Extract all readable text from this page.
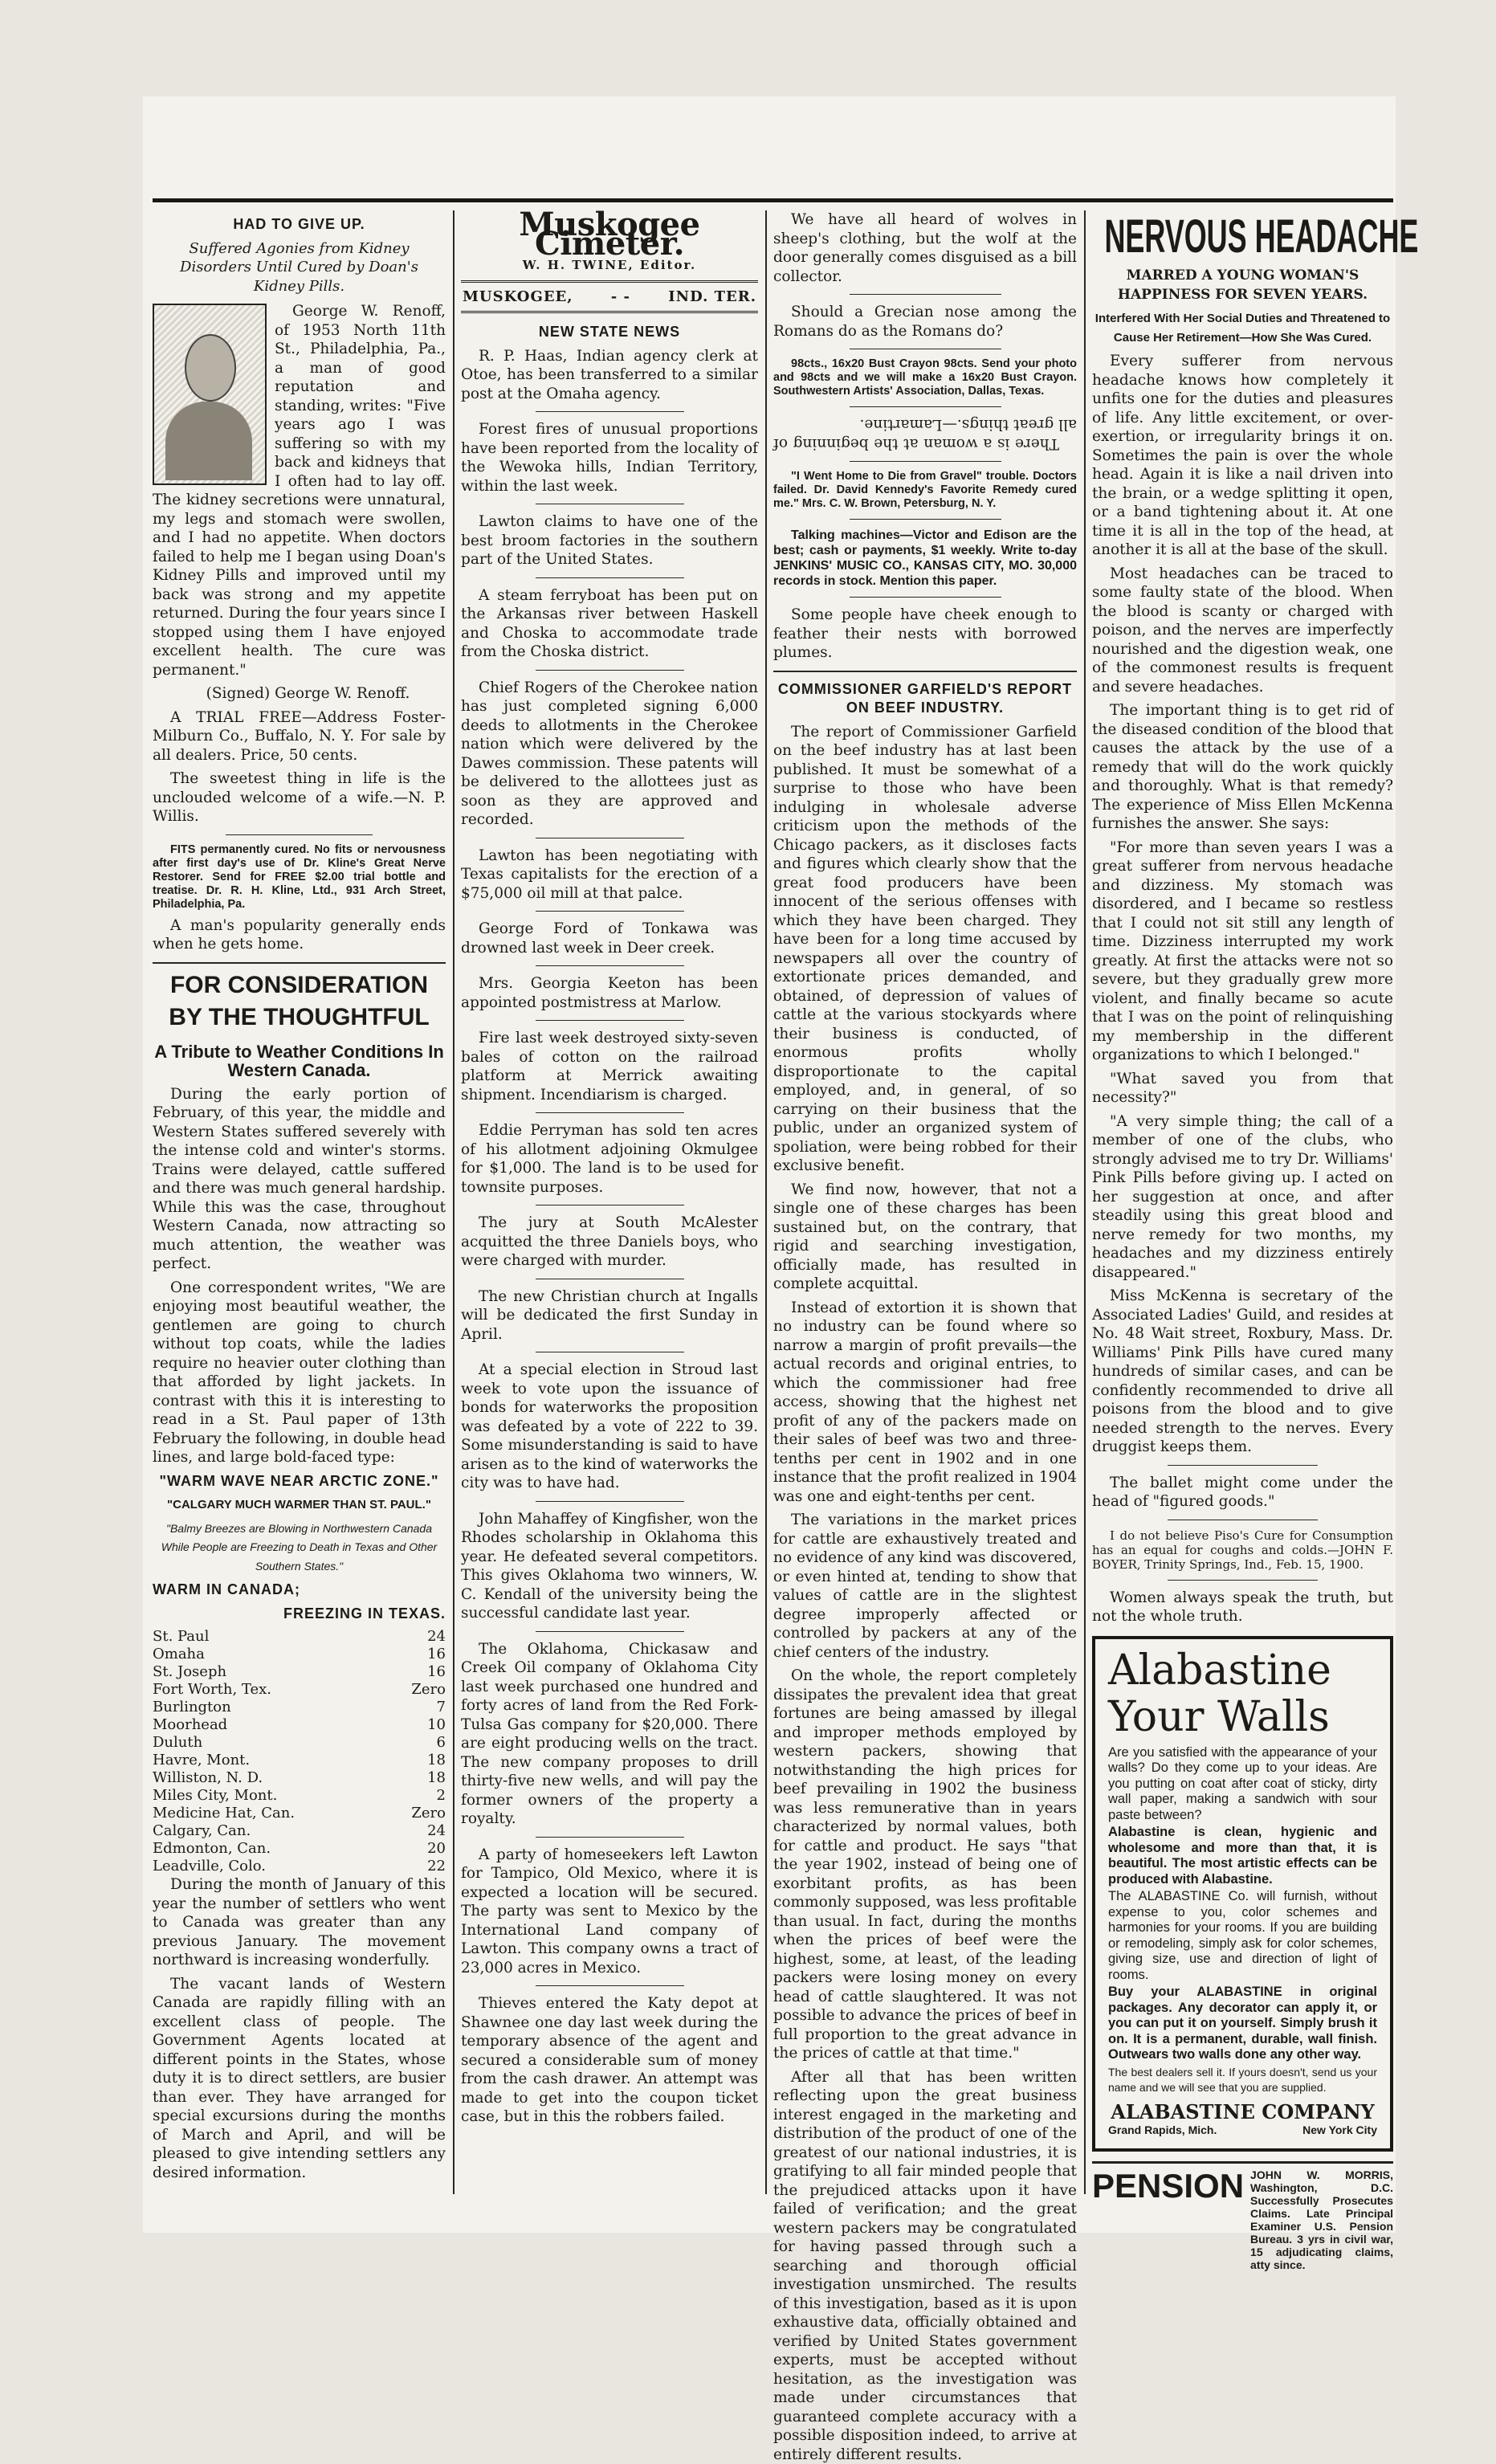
HAD TO GIVE UP.
Suffered Agonies from Kidney Disorders Until Cured by Doan's Kidney Pills.

George W. Renoff, of 1953 North 11th St., Philadelphia, Pa., a man of good reputation and standing, writes: "Five years ago I was suffering so with my back and kidneys that I often had to lay off. The kidney secretions were unnatural, my legs and stomach were swollen, and I had no appetite. When doctors failed to help me I began using Doan's Kidney Pills and improved until my back was strong and my appetite returned. During the four years since I stopped using them I have enjoyed excellent health. The cure was permanent."

(Signed) George W. Renoff.

A TRIAL FREE—Address Foster-Milburn Co., Buffalo, N. Y. For sale by all dealers. Price, 50 cents.

The sweetest thing in life is the unclouded welcome of a wife.—N. P. Willis.

FITS permanently cured. No fits or nervousness after first day's use of Dr. Kline's Great Nerve Restorer. Send for FREE $2.00 trial bottle and treatise. Dr. R. H. Kline, Ltd., 931 Arch Street, Philadelphia, Pa.

A man's popularity generally ends when he gets home.

FOR CONSIDERATION
BY THE THOUGHTFUL
A Tribute to Weather Conditions In Western Canada.

During the early portion of February, of this year, the middle and Western States suffered severely with the intense cold and winter's storms. Trains were delayed, cattle suffered and there was much general hardship. While this was the case, throughout Western Canada, now attracting so much attention, the weather was perfect.

One correspondent writes, "We are enjoying most beautiful weather, the gentlemen are going to church without top coats, while the ladies require no heavier outer clothing than that afforded by light jackets. In contrast with this it is interesting to read in a St. Paul paper of 13th February the following, in double head lines, and large bold-faced type:

"WARM WAVE NEAR ARCTIC ZONE."
"CALGARY MUCH WARMER THAN ST. PAUL."
"Balmy Breezes are Blowing in Northwestern Canada While People are Freezing to Death in Texas and Other Southern States."
WARM IN CANADA;
FREEZING IN TEXAS.
St. Paul	24
Omaha	16
St. Joseph	16
Fort Worth, Tex.	Zero
Burlington	7
Moorhead	10
Duluth	6
Havre, Mont.	18
Williston, N. D.	18
Miles City, Mont.	2
Medicine Hat, Can.	Zero
Calgary, Can.	24
Edmonton, Can.	20
Leadville, Colo.	22

During the month of January of this year the number of settlers who went to Canada was greater than any previous January. The movement northward is increasing wonderfully.

The vacant lands of Western Canada are rapidly filling with an excellent class of people. The Government Agents located at different points in the States, whose duty it is to direct settlers, are busier than ever. They have arranged for special excursions during the months of March and April, and will be pleased to give intending settlers any desired information.

Muskogee Cimeter.
W. H. TWINE, Editor.
MUSKOGEE,	- -	IND. TER.
NEW STATE NEWS

R. P. Haas, Indian agency clerk at Otoe, has been transferred to a similar post at the Omaha agency.

Forest fires of unusual proportions have been reported from the locality of the Wewoka hills, Indian Territory, within the last week.

Lawton claims to have one of the best broom factories in the southern part of the United States.

A steam ferryboat has been put on the Arkansas river between Haskell and Choska to accommodate trade from the Choska district.

Chief Rogers of the Cherokee nation has just completed signing 6,000 deeds to allotments in the Cherokee nation which were delivered by the Dawes commission. These patents will be delivered to the allottees just as soon as they are approved and recorded.

Lawton has been negotiating with Texas capitalists for the erection of a $75,000 oil mill at that palce.

George Ford of Tonkawa was drowned last week in Deer creek.

Mrs. Georgia Keeton has been appointed postmistress at Marlow.

Fire last week destroyed sixty-seven bales of cotton on the railroad platform at Merrick awaiting shipment. Incendiarism is charged.

Eddie Perryman has sold ten acres of his allotment adjoining Okmulgee for $1,000. The land is to be used for townsite purposes.

The jury at South McAlester acquitted the three Daniels boys, who were charged with murder.

The new Christian church at Ingalls will be dedicated the first Sunday in April.

At a special election in Stroud last week to vote upon the issuance of bonds for waterworks the proposition was defeated by a vote of 222 to 39. Some misunderstanding is said to have arisen as to the kind of waterworks the city was to have had.

John Mahaffey of Kingfisher, won the Rhodes scholarship in Oklahoma this year. He defeated several competitors. This gives Oklahoma two winners, W. C. Kendall of the university being the successful candidate last year.

The Oklahoma, Chickasaw and Creek Oil company of Oklahoma City last week purchased one hundred and forty acres of land from the Red Fork-Tulsa Gas company for $20,000. There are eight producing wells on the tract. The new company proposes to drill thirty-five new wells, and will pay the former owners of the property a royalty.

A party of homeseekers left Lawton for Tampico, Old Mexico, where it is expected a location will be secured. The party was sent to Mexico by the International Land company of Lawton. This company owns a tract of 23,000 acres in Mexico.

Thieves entered the Katy depot at Shawnee one day last week during the temporary absence of the agent and secured a considerable sum of money from the cash drawer. An attempt was made to get into the coupon ticket case, but in this the robbers failed.

We have all heard of wolves in sheep's clothing, but the wolf at the door generally comes disguised as a bill collector.

Should a Grecian nose among the Romans do as the Romans do?

98cts., 16x20 Bust Crayon 98cts. Send your photo and 98cts and we will make a 16x20 Bust Crayon. Southwestern Artists' Association, Dallas, Texas.

There is a woman at the beginning of all great things.—Lamartine.

"I Went Home to Die from Gravel" trouble. Doctors failed. Dr. David Kennedy's Favorite Remedy cured me." Mrs. C. W. Brown, Petersburg, N. Y.

Talking machines—Victor and Edison are the best; cash or payments, $1 weekly. Write to-day JENKINS' MUSIC CO., KANSAS CITY, MO. 30,000 records in stock. Mention this paper.

Some people have cheek enough to feather their nests with borrowed plumes.

COMMISSIONER GARFIELD'S REPORT ON BEEF INDUSTRY.

The report of Commissioner Garfield on the beef industry has at last been published. It must be somewhat of a surprise to those who have been indulging in wholesale adverse criticism upon the methods of the Chicago packers, as it discloses facts and figures which clearly show that the great food producers have been innocent of the serious offenses with which they have been charged. They have been for a long time accused by newspapers all over the country of extortionate prices demanded, and obtained, of depression of values of cattle at the various stockyards where their business is conducted, of enormous profits wholly disproportionate to the capital employed, and, in general, of so carrying on their business that the public, under an organized system of spoliation, were being robbed for their exclusive benefit.

We find now, however, that not a single one of these charges has been sustained but, on the contrary, that rigid and searching investigation, officially made, has resulted in complete acquittal.

Instead of extortion it is shown that no industry can be found where so narrow a margin of profit prevails—the actual records and original entries, to which the commissioner had free access, showing that the highest net profit of any of the packers made on their sales of beef was two and three-tenths per cent in 1902 and in one instance that the profit realized in 1904 was one and eight-tenths per cent.

The variations in the market prices for cattle are exhaustively treated and no evidence of any kind was discovered, or even hinted at, tending to show that values of cattle are in the slightest degree improperly affected or controlled by packers at any of the chief centers of the industry.

On the whole, the report completely dissipates the prevalent idea that great fortunes are being amassed by illegal and improper methods employed by western packers, showing that notwithstanding the high prices for beef prevailing in 1902 the business was less remunerative than in years characterized by normal values, both for cattle and product. He says "that the year 1902, instead of being one of exorbitant profits, as has been commonly supposed, was less profitable than usual. In fact, during the months when the prices of beef were the highest, some, at least, of the leading packers were losing money on every head of cattle slaughtered. It was not possible to advance the prices of beef in full proportion to the great advance in the prices of cattle at that time."

After all that has been written reflecting upon the great business interest engaged in the marketing and distribution of the product of one of the greatest of our national industries, it is gratifying to all fair minded people that the prejudiced attacks upon it have failed of verification; and the great western packers may be congratulated for having passed through such a searching and thorough official investigation unsmirched. The results of this investigation, based as it is upon exhaustive data, officially obtained and verified by United States government experts, must be accepted without hesitation, as the investigation was made under circumstances that guaranteed complete accuracy with a possible disposition indeed, to arrive at entirely different results.

NERVOUS HEADACHE
MARRED A YOUNG WOMAN'S HAPPINESS FOR SEVEN YEARS.
Interfered With Her Social Duties and Threatened to Cause Her Retirement—How She Was Cured.

Every sufferer from nervous headache knows how completely it unfits one for the duties and pleasures of life. Any little excitement, or over-exertion, or irregularity brings it on. Sometimes the pain is over the whole head. Again it is like a nail driven into the brain, or a wedge splitting it open, or a band tightening about it. At one time it is all in the top of the head, at another it is all at the base of the skull.

Most headaches can be traced to some faulty state of the blood. When the blood is scanty or charged with poison, and the nerves are imperfectly nourished and the digestion weak, one of the commonest results is frequent and severe headaches.

The important thing is to get rid of the diseased condition of the blood that causes the attack by the use of a remedy that will do the work quickly and thoroughly. What is that remedy? The experience of Miss Ellen McKenna furnishes the answer. She says:

"For more than seven years I was a great sufferer from nervous headache and dizziness. My stomach was disordered, and I became so restless that I could not sit still any length of time. Dizziness interrupted my work greatly. At first the attacks were not so severe, but they gradually grew more violent, and finally became so acute that I was on the point of relinquishing my membership in the different organizations to which I belonged."

"What saved you from that necessity?"

"A very simple thing; the call of a member of one of the clubs, who strongly advised me to try Dr. Williams' Pink Pills before giving up. I acted on her suggestion at once, and after steadily using this great blood and nerve remedy for two months, my headaches and my dizziness entirely disappeared."

Miss McKenna is secretary of the Associated Ladies' Guild, and resides at No. 48 Wait street, Roxbury, Mass. Dr. Williams' Pink Pills have cured many hundreds of similar cases, and can be confidently recommended to drive all poisons from the blood and to give needed strength to the nerves. Every druggist keeps them.

The ballet might come under the head of "figured goods."

I do not believe Piso's Cure for Consumption has an equal for coughs and colds.—JOHN F. BOYER, Trinity Springs, Ind., Feb. 15, 1900.

Women always speak the truth, but not the whole truth.

Alabastine Your Walls

Are you satisfied with the appearance of your walls? Do they come up to your ideas. Are you putting on coat after coat of sticky, dirty wall paper, making a sandwich with sour paste between?

Alabastine is clean, hygienic and wholesome and more than that, it is beautiful. The most artistic effects can be produced with Alabastine.

The ALABASTINE Co. will furnish, without expense to you, color schemes and harmonies for your rooms. If you are building or remodeling, simply ask for color schemes, giving size, use and direction of light of rooms.

Buy your ALABASTINE in original packages. Any decorator can apply it, or you can put it on yourself. Simply brush it on. It is a permanent, durable, wall finish. Outwears two walls done any other way.

The best dealers sell it. If yours doesn't, send us your name and we will see that you are supplied.

ALABASTINE COMPANY
Grand Rapids, Mich.	New York City
PENSION JOHN W. MORRIS, Washington, D.C. Successfully Prosecutes Claims. Late Principal Examiner U.S. Pension Bureau. 3 yrs in civil war, 15 adjudicating claims, atty since.
